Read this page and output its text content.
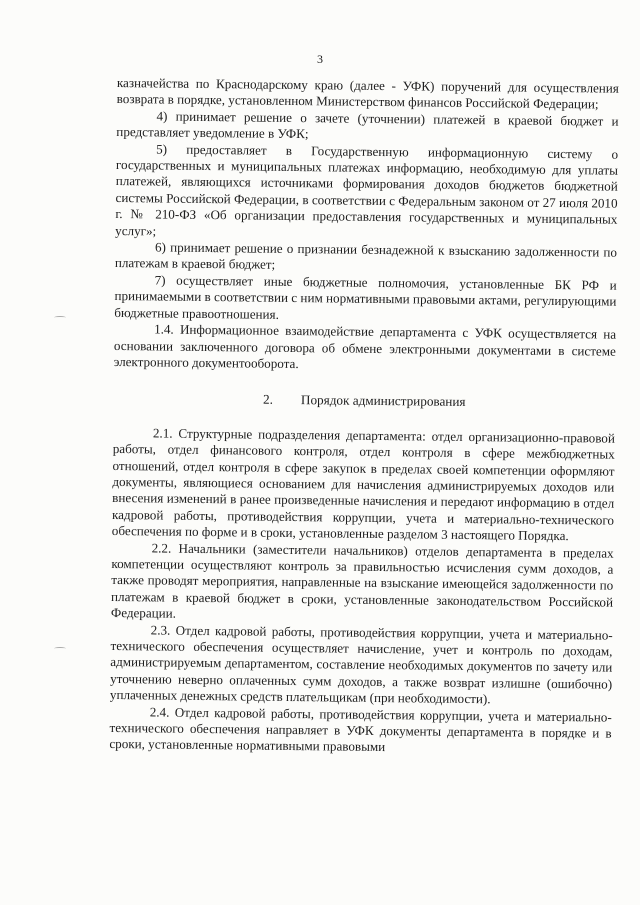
3

казначейства по Краснодарскому краю (далее - УФК) поручений для осуществления возврата в порядке, установленном Министерством финансов Российской Федерации;

4) принимает решение о зачете (уточнении) платежей в краевой бюджет и представляет уведомление в УФК;

5) предоставляет в Государственную информационную систему о государственных и муниципальных платежах информацию, необходимую для уплаты платежей, являющихся источниками формирования доходов бюджетов бюджетной системы Российской Федерации, в соответствии с Федеральным законом от 27 июля 2010 г. № 210-ФЗ «Об организации предоставления государственных и муниципальных услуг»;

6) принимает решение о признании безнадежной к взысканию задолженности по платежам в краевой бюджет;

7) осуществляет иные бюджетные полномочия, установленные БК РФ и принимаемыми в соответствии с ним нормативными правовыми актами, регулирующими бюджетные правоотношения.

1.4. Информационное взаимодействие департамента с УФК осуществляется на основании заключенного договора об обмене электронными документами в системе электронного документооборота.

2. Порядок администрирования

2.1. Структурные подразделения департамента: отдел организационно-правовой работы, отдел финансового контроля, отдел контроля в сфере межбюджетных отношений, отдел контроля в сфере закупок в пределах своей компетенции оформляют документы, являющиеся основанием для начисления администрируемых доходов или внесения изменений в ранее произведенные начисления и передают информацию в отдел кадровой работы, противодействия коррупции, учета и материально-технического обеспечения по форме и в сроки, установленные разделом 3 настоящего Порядка.

2.2. Начальники (заместители начальников) отделов департамента в пределах компетенции осуществляют контроль за правильностью исчисления сумм доходов, а также проводят мероприятия, направленные на взыскание имеющейся задолженности по платежам в краевой бюджет в сроки, установленные законодательством Российской Федерации.

2.3. Отдел кадровой работы, противодействия коррупции, учета и материально-технического обеспечения осуществляет начисление, учет и контроль по доходам, администрируемым департаментом, составление необходимых документов по зачету или уточнению неверно оплаченных сумм доходов, а также возврат излишне (ошибочно) уплаченных денежных средств плательщикам (при необходимости).

2.4. Отдел кадровой работы, противодействия коррупции, учета и материально-технического обеспечения направляет в УФК документы департамента в порядке и в сроки, установленные нормативными правовыми
